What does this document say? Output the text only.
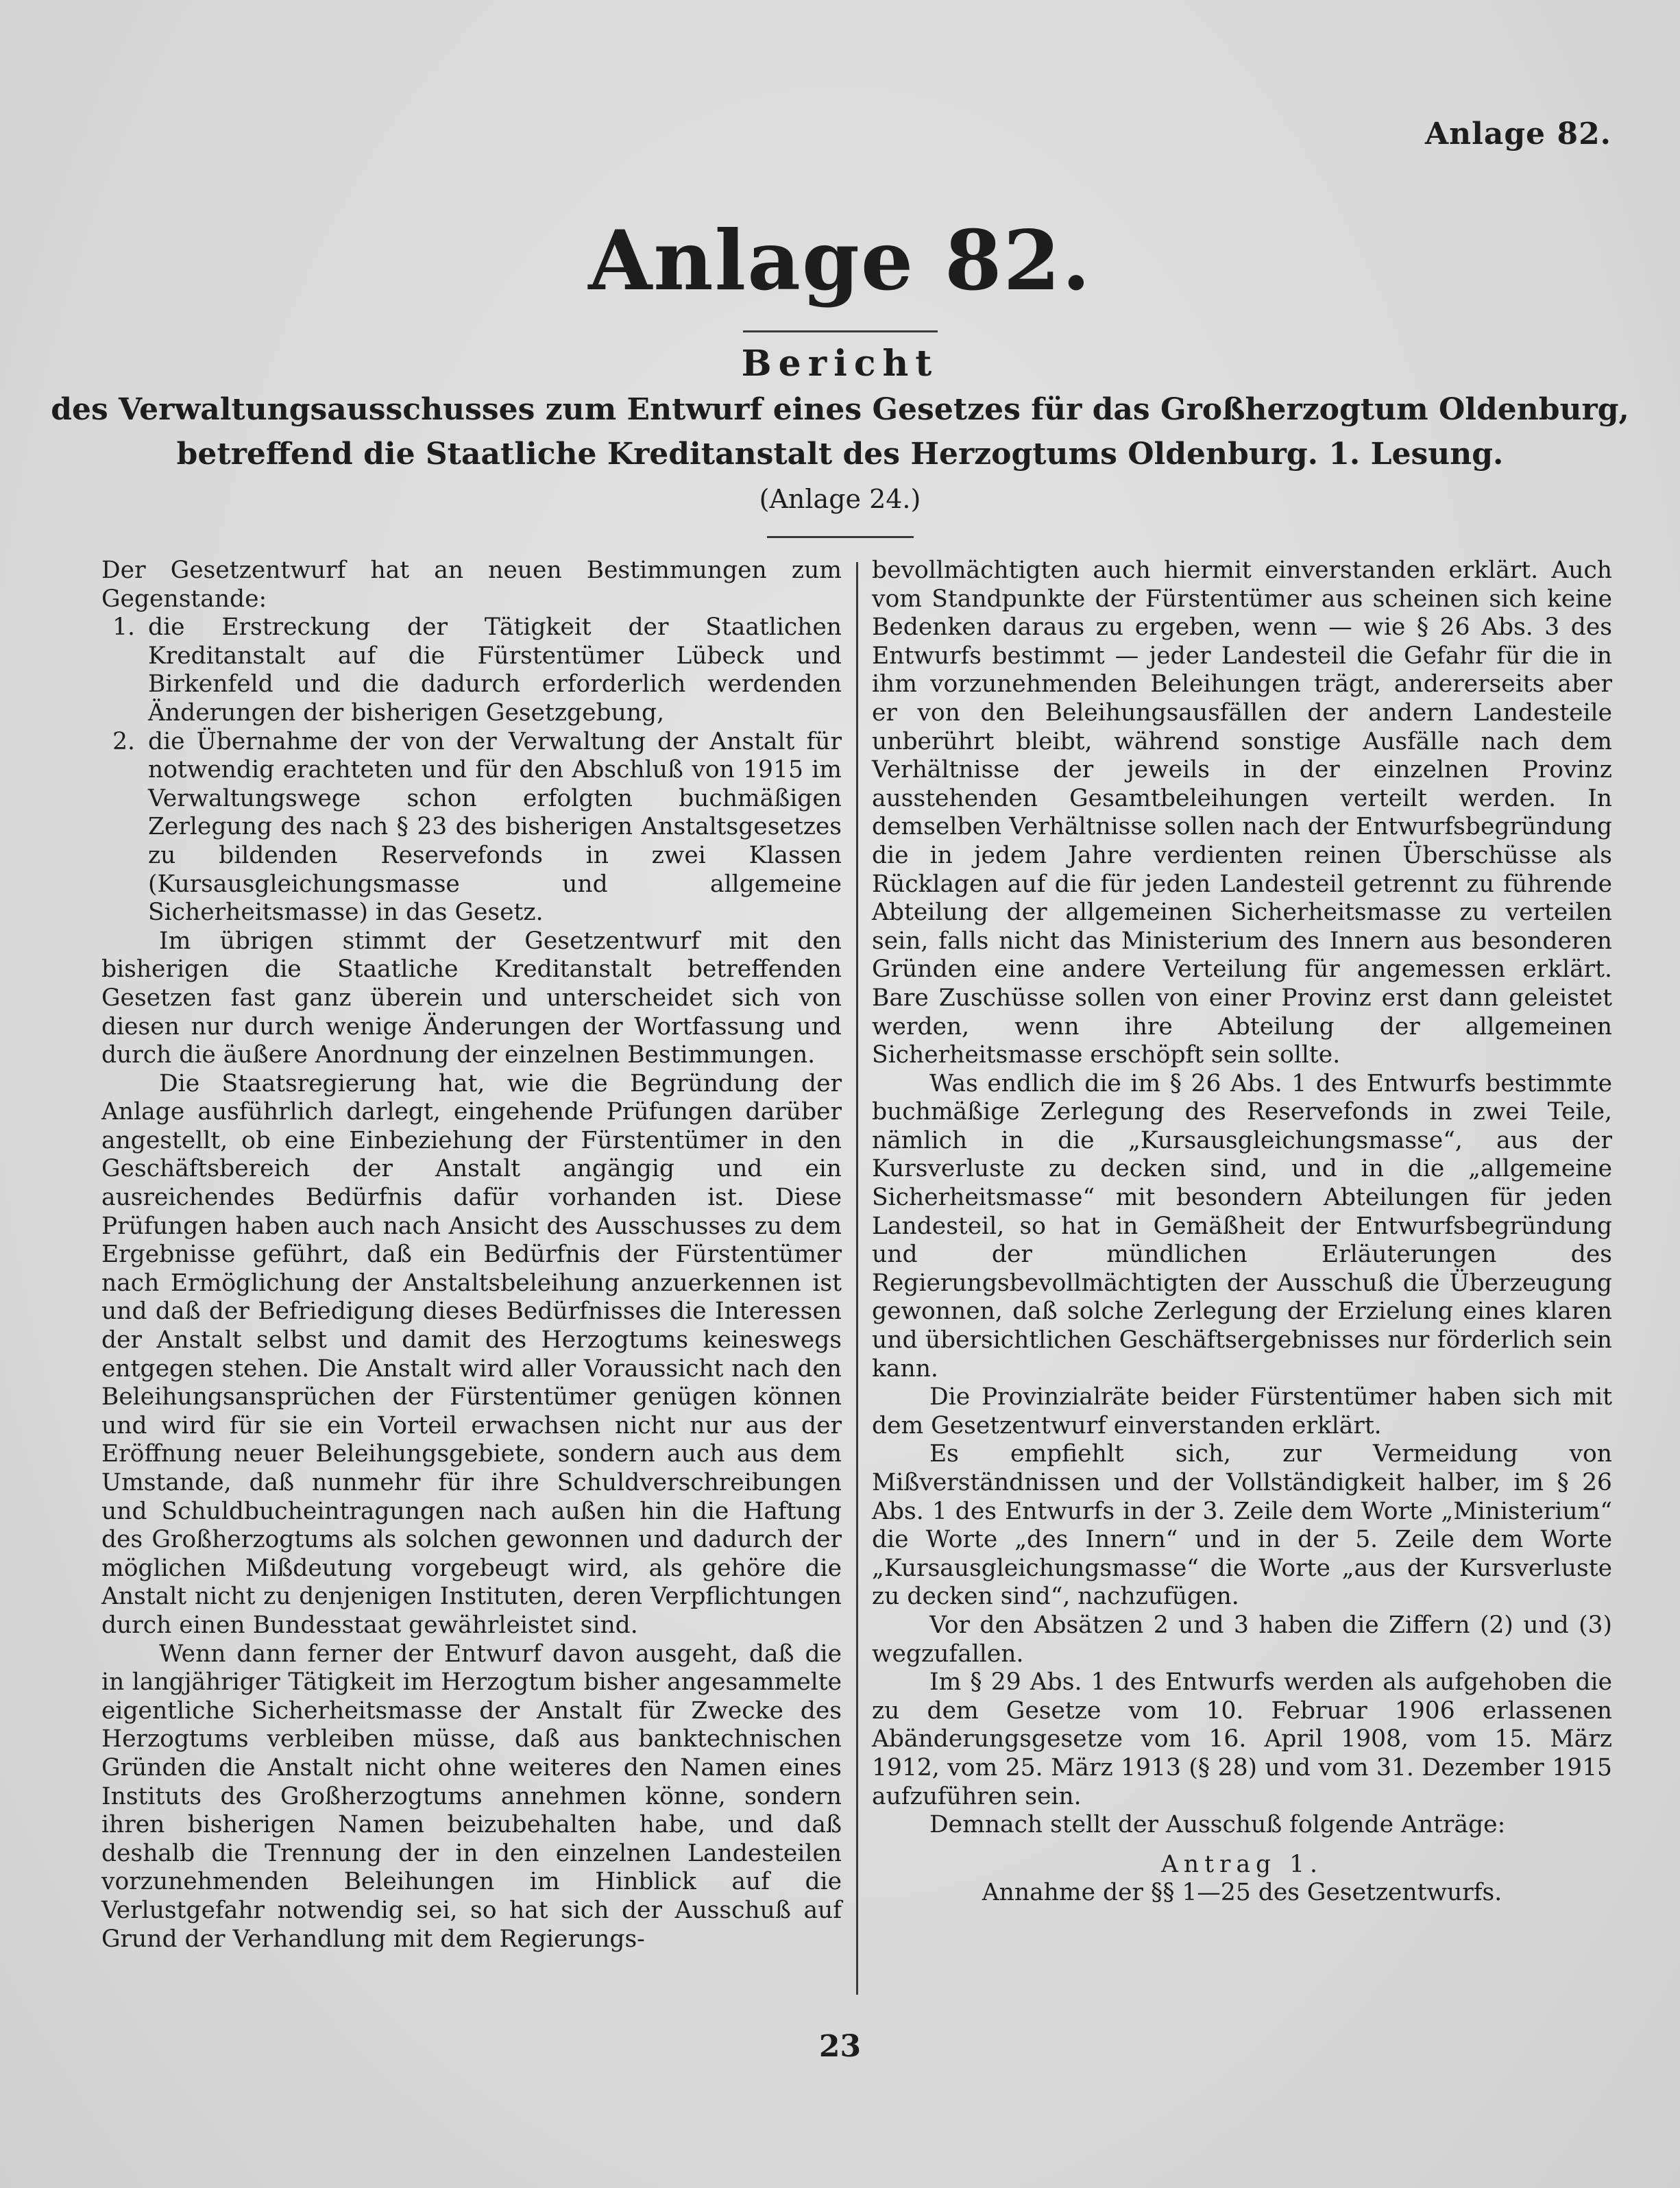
Anlage 82.
Anlage 82.
Bericht
des Verwaltungsausschusses zum Entwurf eines Gesetzes für das Großherzogtum Oldenburg,
betreffend die Staatliche Kreditanstalt des Herzogtums Oldenburg. 1. Lesung.
(Anlage 24.)

Der Gesetzentwurf hat an neuen Bestimmungen zum Gegenstande:

1. die Erstreckung der Tätigkeit der Staatlichen Kreditanstalt auf die Fürstentümer Lübeck und Birkenfeld und die dadurch erforderlich werdenden Änderungen der bisherigen Gesetzgebung,
2. die Übernahme der von der Verwaltung der Anstalt für notwendig erachteten und für den Abschluß von 1915 im Verwaltungswege schon erfolgten buchmäßigen Zerlegung des nach § 23 des bisherigen Anstaltsgesetzes zu bildenden Reservefonds in zwei Klassen (Kursausgleichungsmasse und allgemeine Sicherheitsmasse) in das Gesetz.

Im übrigen stimmt der Gesetzentwurf mit den bisherigen die Staatliche Kreditanstalt betreffenden Gesetzen fast ganz überein und unterscheidet sich von diesen nur durch wenige Änderungen der Wortfassung und durch die äußere Anordnung der einzelnen Bestimmungen.

Die Staatsregierung hat, wie die Begründung der Anlage ausführlich darlegt, eingehende Prüfungen darüber angestellt, ob eine Einbeziehung der Fürstentümer in den Geschäftsbereich der Anstalt angängig und ein ausreichendes Bedürfnis dafür vorhanden ist. Diese Prüfungen haben auch nach Ansicht des Ausschusses zu dem Ergebnisse geführt, daß ein Bedürfnis der Fürstentümer nach Ermöglichung der Anstaltsbeleihung anzuerkennen ist und daß der Befriedigung dieses Bedürfnisses die Interessen der Anstalt selbst und damit des Herzogtums keineswegs entgegen stehen. Die Anstalt wird aller Voraussicht nach den Beleihungsansprüchen der Fürstentümer genügen können und wird für sie ein Vorteil erwachsen nicht nur aus der Eröffnung neuer Beleihungsgebiete, sondern auch aus dem Umstande, daß nunmehr für ihre Schuldverschreibungen und Schuldbucheintragungen nach außen hin die Haftung des Großherzogtums als solchen gewonnen und dadurch der möglichen Mißdeutung vorgebeugt wird, als gehöre die Anstalt nicht zu denjenigen Instituten, deren Verpflichtungen durch einen Bundesstaat gewährleistet sind.

Wenn dann ferner der Entwurf davon ausgeht, daß die in langjähriger Tätigkeit im Herzogtum bisher angesammelte eigentliche Sicherheitsmasse der Anstalt für Zwecke des Herzogtums verbleiben müsse, daß aus banktechnischen Gründen die Anstalt nicht ohne weiteres den Namen eines Instituts des Großherzogtums annehmen könne, sondern ihren bisherigen Namen beizubehalten habe, und daß deshalb die Trennung der in den einzelnen Landesteilen vorzunehmenden Beleihungen im Hinblick auf die Verlustgefahr notwendig sei, so hat sich der Ausschuß auf Grund der Verhandlung mit dem Regierungs-

bevollmächtigten auch hiermit einverstanden erklärt. Auch vom Standpunkte der Fürstentümer aus scheinen sich keine Bedenken daraus zu ergeben, wenn — wie § 26 Abs. 3 des Entwurfs bestimmt — jeder Landesteil die Gefahr für die in ihm vorzunehmenden Beleihungen trägt, andererseits aber er von den Beleihungsausfällen der andern Landesteile unberührt bleibt, während sonstige Ausfälle nach dem Verhältnisse der jeweils in der einzelnen Provinz ausstehenden Gesamtbeleihungen verteilt werden. In demselben Verhältnisse sollen nach der Entwurfsbegründung die in jedem Jahre verdienten reinen Überschüsse als Rücklagen auf die für jeden Landesteil getrennt zu führende Abteilung der allgemeinen Sicherheitsmasse zu verteilen sein, falls nicht das Ministerium des Innern aus besonderen Gründen eine andere Verteilung für angemessen erklärt. Bare Zuschüsse sollen von einer Provinz erst dann geleistet werden, wenn ihre Abteilung der allgemeinen Sicherheitsmasse erschöpft sein sollte.

Was endlich die im § 26 Abs. 1 des Entwurfs bestimmte buchmäßige Zerlegung des Reservefonds in zwei Teile, nämlich in die „Kursausgleichungsmasse“, aus der Kursverluste zu decken sind, und in die „allgemeine Sicherheitsmasse“ mit besondern Abteilungen für jeden Landesteil, so hat in Gemäßheit der Entwurfsbegründung und der mündlichen Erläuterungen des Regierungsbevollmächtigten der Ausschuß die Überzeugung gewonnen, daß solche Zerlegung der Erzielung eines klaren und übersichtlichen Geschäftsergebnisses nur förderlich sein kann.

Die Provinzialräte beider Fürstentümer haben sich mit dem Gesetzentwurf einverstanden erklärt.

Es empfiehlt sich, zur Vermeidung von Mißverständnissen und der Vollständigkeit halber, im § 26 Abs. 1 des Entwurfs in der 3. Zeile dem Worte „Ministerium“ die Worte „des Innern“ und in der 5. Zeile dem Worte „Kursausgleichungsmasse“ die Worte „aus der Kursverluste zu decken sind“, nachzufügen.

Vor den Absätzen 2 und 3 haben die Ziffern (2) und (3) wegzufallen.

Im § 29 Abs. 1 des Entwurfs werden als aufgehoben die zu dem Gesetze vom 10. Februar 1906 erlassenen Abänderungsgesetze vom 16. April 1908, vom 15. März 1912, vom 25. März 1913 (§ 28) und vom 31. Dezember 1915 aufzuführen sein.

Demnach stellt der Ausschuß folgende Anträge:

Antrag 1.

Annahme der §§ 1—25 des Gesetzentwurfs.

23
